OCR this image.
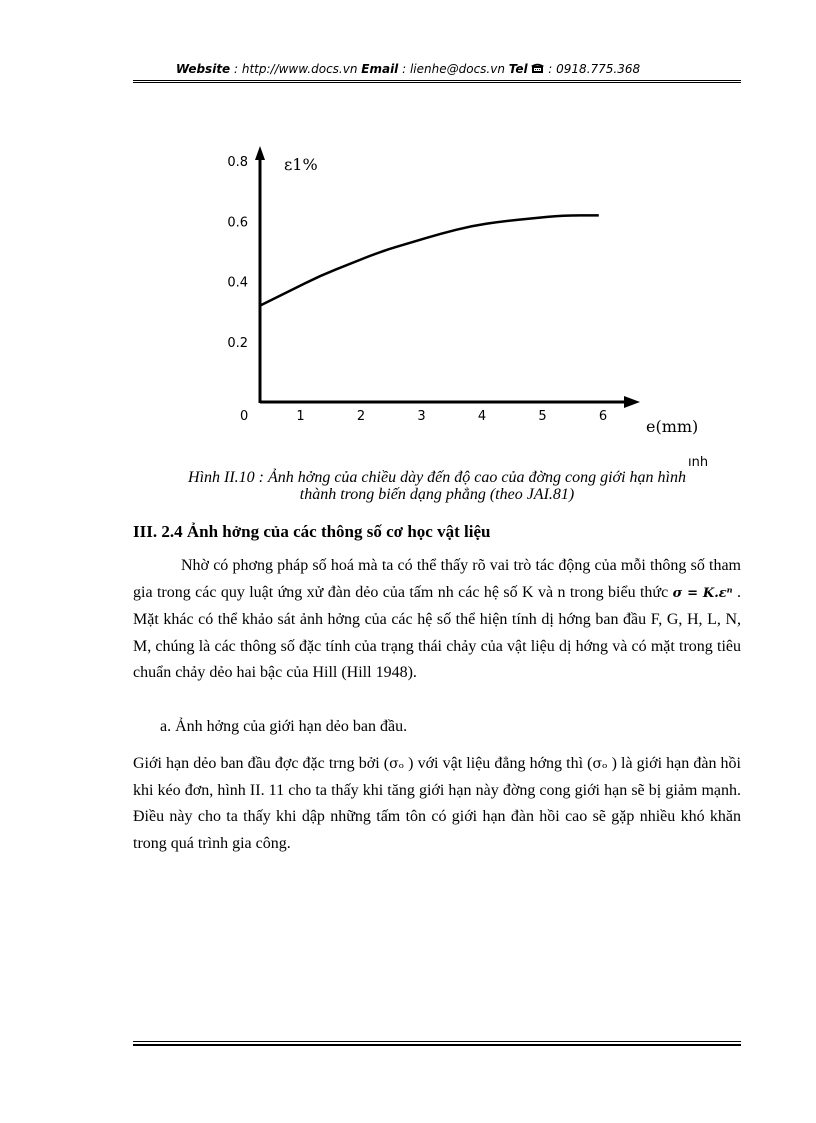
Website : http://www.docs.vn Email : lienhe@docs.vn Tel  : 0918.775.368
ε1%
e(mm)
0
ınh
1	2	3	4	5	6
0.2
0.4
0.6
0.8
Hình II.10 : Ảnh hởng của chiều dày đến độ cao của đờng cong giới hạn hình
thành trong biến dạng phẳng (theo JAI.81)
III. 2.4 Ảnh hởng của các thông số cơ học vật liệu
Nhờ có phơng pháp số hoá mà ta có thể thấy rõ vai trò tác động của mỗi thông số tham gia trong các quy luật ứng xử đàn dẻo của tấm nh các hệ số K và n trong biểu thức σ = K.εⁿ . Mặt khác có thể khảo sát ảnh hởng của các hệ số thể hiện tính dị hớng ban đầu F, G, H, L, N, M, chúng là các thông số đặc tính của trạng thái chảy của vật liệu dị hớng và có mặt trong tiêu chuẩn chảy dẻo hai bậc của Hill (Hill 1948).
a. Ảnh hởng của giới hạn dẻo ban đầu.
Giới hạn dẻo ban đầu đợc đặc trng bởi (σₒ ) với vật liệu đẳng hớng thì (σₒ ) là giới hạn đàn hồi khi kéo đơn, hình II. 11 cho ta thấy khi tăng giới hạn này đờng cong giới hạn sẽ bị giảm mạnh. Điều này cho ta thấy khi dập những tấm tôn có giới hạn đàn hồi cao sẽ gặp nhiều khó khăn trong quá trình gia công.
